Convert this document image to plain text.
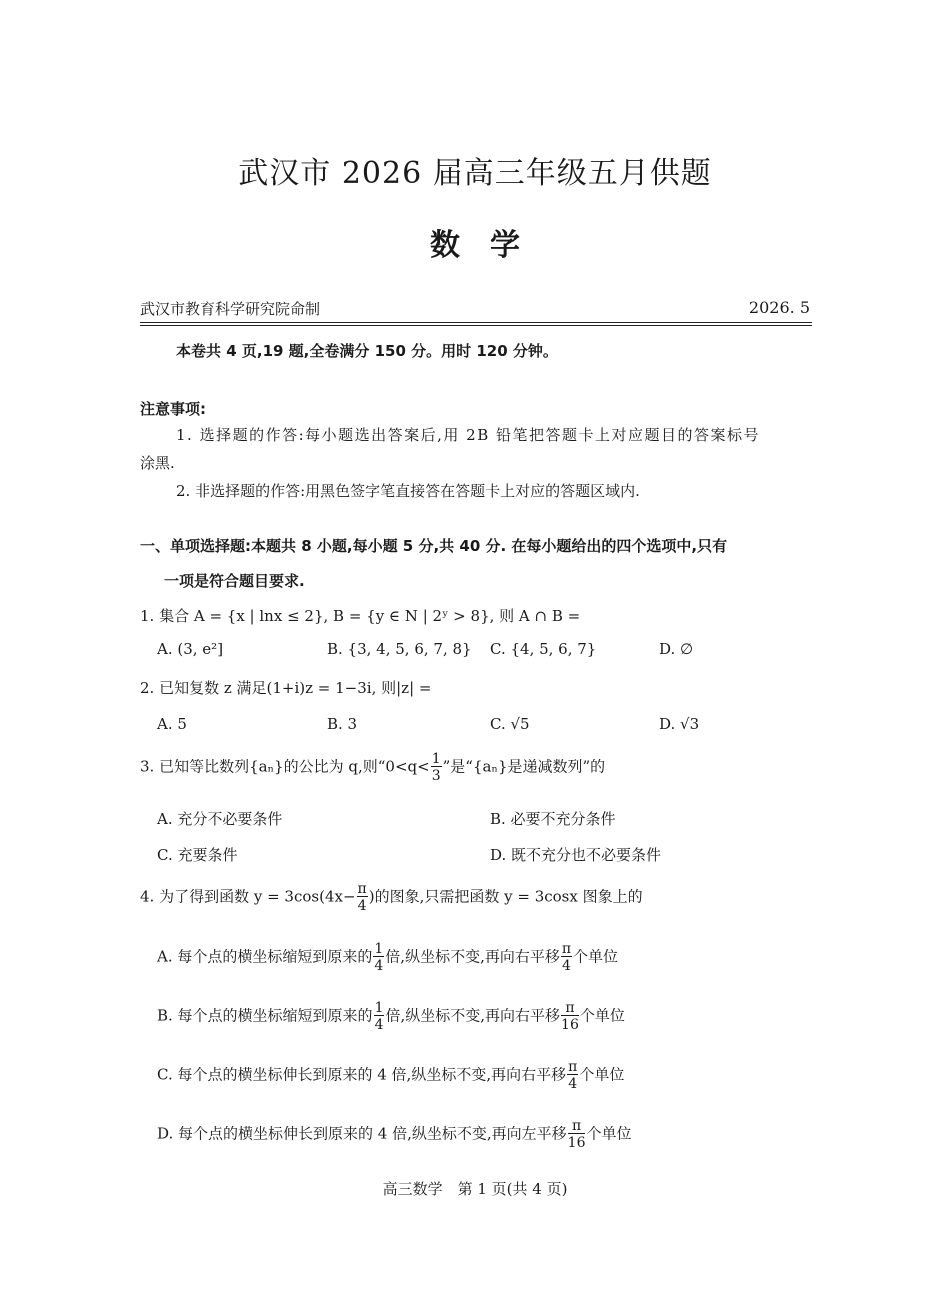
武汉市 2026 届高三年级五月供题
数学
武汉市教育科学研究院命制	2026. 5
本卷共 4 页,19 题,全卷满分 150 分。用时 120 分钟。
注意事项:
1. 选择题的作答:每小题选出答案后,用 2B 铅笔把答题卡上对应题目的答案标号
涂黑.
2. 非选择题的作答:用黑色签字笔直接答在答题卡上对应的答题区域内.
一、单项选择题:本题共 8 小题,每小题 5 分,共 40 分. 在每小题给出的四个选项中,只有
一项是符合题目要求.
1. 集合 A = {x | lnx ≤ 2}, B = {y ∈ N | 2ʸ > 8}, 则 A ∩ B =
A. (3, e²]	B. {3, 4, 5, 6, 7, 8} C. {4, 5, 6, 7}	D. ∅
2. 已知复数 z 满足(1+i)z = 1−3i, 则|z| =
A. 5	B. 3	C. √5	D. √3
3. 已知等比数列{aₙ}的公比为 q,则“$0<q< \frac{1}{3}$ ”是“{aₙ}是递减数列”的
A. 充分不必要条件	B. 必要不充分条件
C. 充要条件	D. 既不充分也不必要条件
4. 为了得到函数 $y = 3\cos(4x- \frac{\pi}{4}$ )的图象,只需把函数 y = 3cosx 图象上的
A. 每个点的横坐标缩短到原来的 $\frac{1}{4}$ 倍,纵坐标不变,再向右平移 $\frac{\pi}{4}$ 个单位
B. 每个点的横坐标缩短到原来的 $\frac{1}{4}$ 倍,纵坐标不变,再向右平移 $\frac{\pi}{16}$ 个单位
C. 每个点的横坐标伸长到原来的 4 倍,纵坐标不变,再向右平移 $\frac{\pi}{4}$ 个单位
D. 每个点的横坐标伸长到原来的 4 倍,纵坐标不变,再向左平移 $\frac{\pi}{16}$ 个单位
高三数学　第 1 页(共 4 页)
